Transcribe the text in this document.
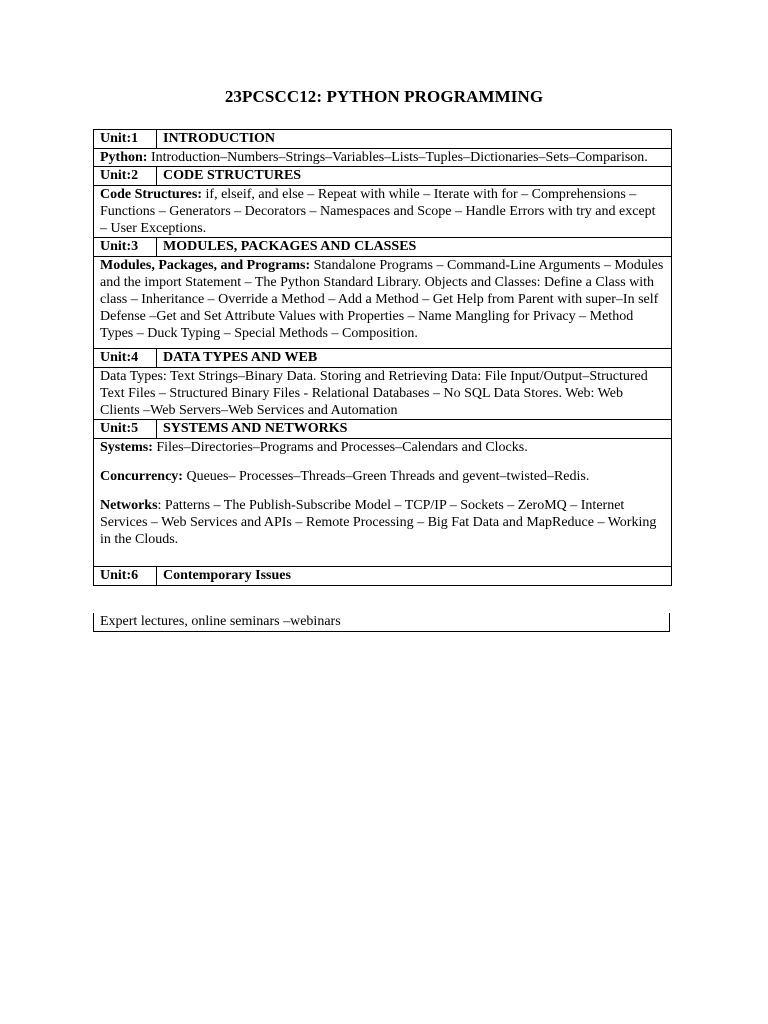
23PCSCC12: PYTHON PROGRAMMING
Unit:1	INTRODUCTION

Python: Introduction–Numbers–Strings–Variables–Lists–Tuples–Dictionaries–Sets–Comparison.	

Unit:2	CODE STRUCTURES

Code Structures: if, elseif, and else – Repeat with while – Iterate with for – Comprehensions – Functions – Generators – Decorators – Namespaces and Scope – Handle Errors with try and except – User Exceptions.	

Unit:3	MODULES, PACKAGES AND CLASSES

Modules, Packages, and Programs: Standalone Programs – Command-Line Arguments – Modules and the import Statement – The Python Standard Library. Objects and Classes: Define a Class with class – Inheritance – Override a Method – Add a Method – Get Help from Parent with super–In self Defense –Get and Set Attribute Values with Properties – Name Mangling for Privacy – Method Types – Duck Typing – Special Methods – Composition.	

Unit:4	DATA TYPES AND WEB

Data Types: Text Strings–Binary Data. Storing and Retrieving Data: File Input/Output–Structured Text Files – Structured Binary Files - Relational Databases – No SQL Data Stores. Web: Web Clients –Web Servers–Web Services and Automation	

Unit:5	SYSTEMS AND NETWORKS

Systems: Files–Directories–Programs and Processes–Calendars and Clocks.

Concurrency: Queues– Processes–Threads–Green Threads and gevent–twisted–Redis.

Networks: Patterns – The Publish-Subscribe Model – TCP/IP – Sockets – ZeroMQ – Internet Services – Web Services and APIs – Remote Processing – Big Fat Data and MapReduce – Working in the Clouds.	

Unit:6	Contemporary Issues
Expert lectures, online seminars –webinars
